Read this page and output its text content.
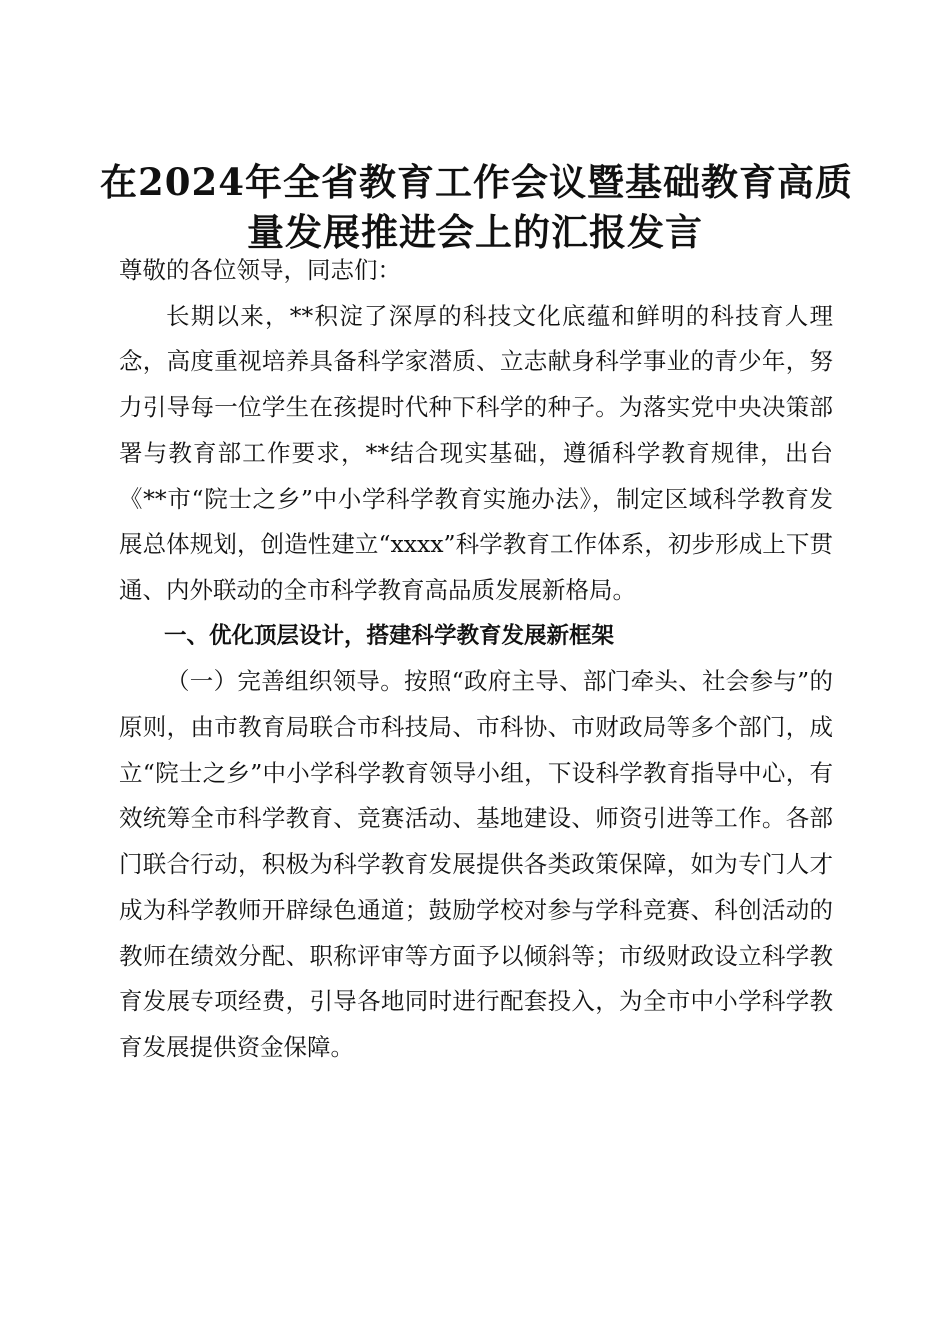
在2024年全省教育工作会议暨基础教育高质
量发展推进会上的汇报发言

尊敬的各位领导，同志们：

长期以来，**积淀了深厚的科技文化底蕴和鲜明的科技育人理念，高度重视培养具备科学家潜质、立志献身科学事业的青少年，努力引导每一位学生在孩提时代种下科学的种子。为落实党中央决策部署与教育部工作要求，**结合现实基础，遵循科学教育规律，出台《**市“院士之乡”中小学科学教育实施办法》，制定区域科学教育发展总体规划，创造性建立“xxxx”科学教育工作体系，初步形成上下贯通、内外联动的全市科学教育高品质发展新格局。

一、优化顶层设计，搭建科学教育发展新框架

（一）完善组织领导。按照“政府主导、部门牵头、社会参与”的原则，由市教育局联合市科技局、市科协、市财政局等多个部门，成立“院士之乡”中小学科学教育领导小组，下设科学教育指导中心，有效统筹全市科学教育、竞赛活动、基地建设、师资引进等工作。各部门联合行动，积极为科学教育发展提供各类政策保障，如为专门人才成为科学教师开辟绿色通道；鼓励学校对参与学科竞赛、科创活动的教师在绩效分配、职称评审等方面予以倾斜等；市级财政设立科学教育发展专项经费，引导各地同时进行配套投入，为全市中小学科学教育发展提供资金保障。
